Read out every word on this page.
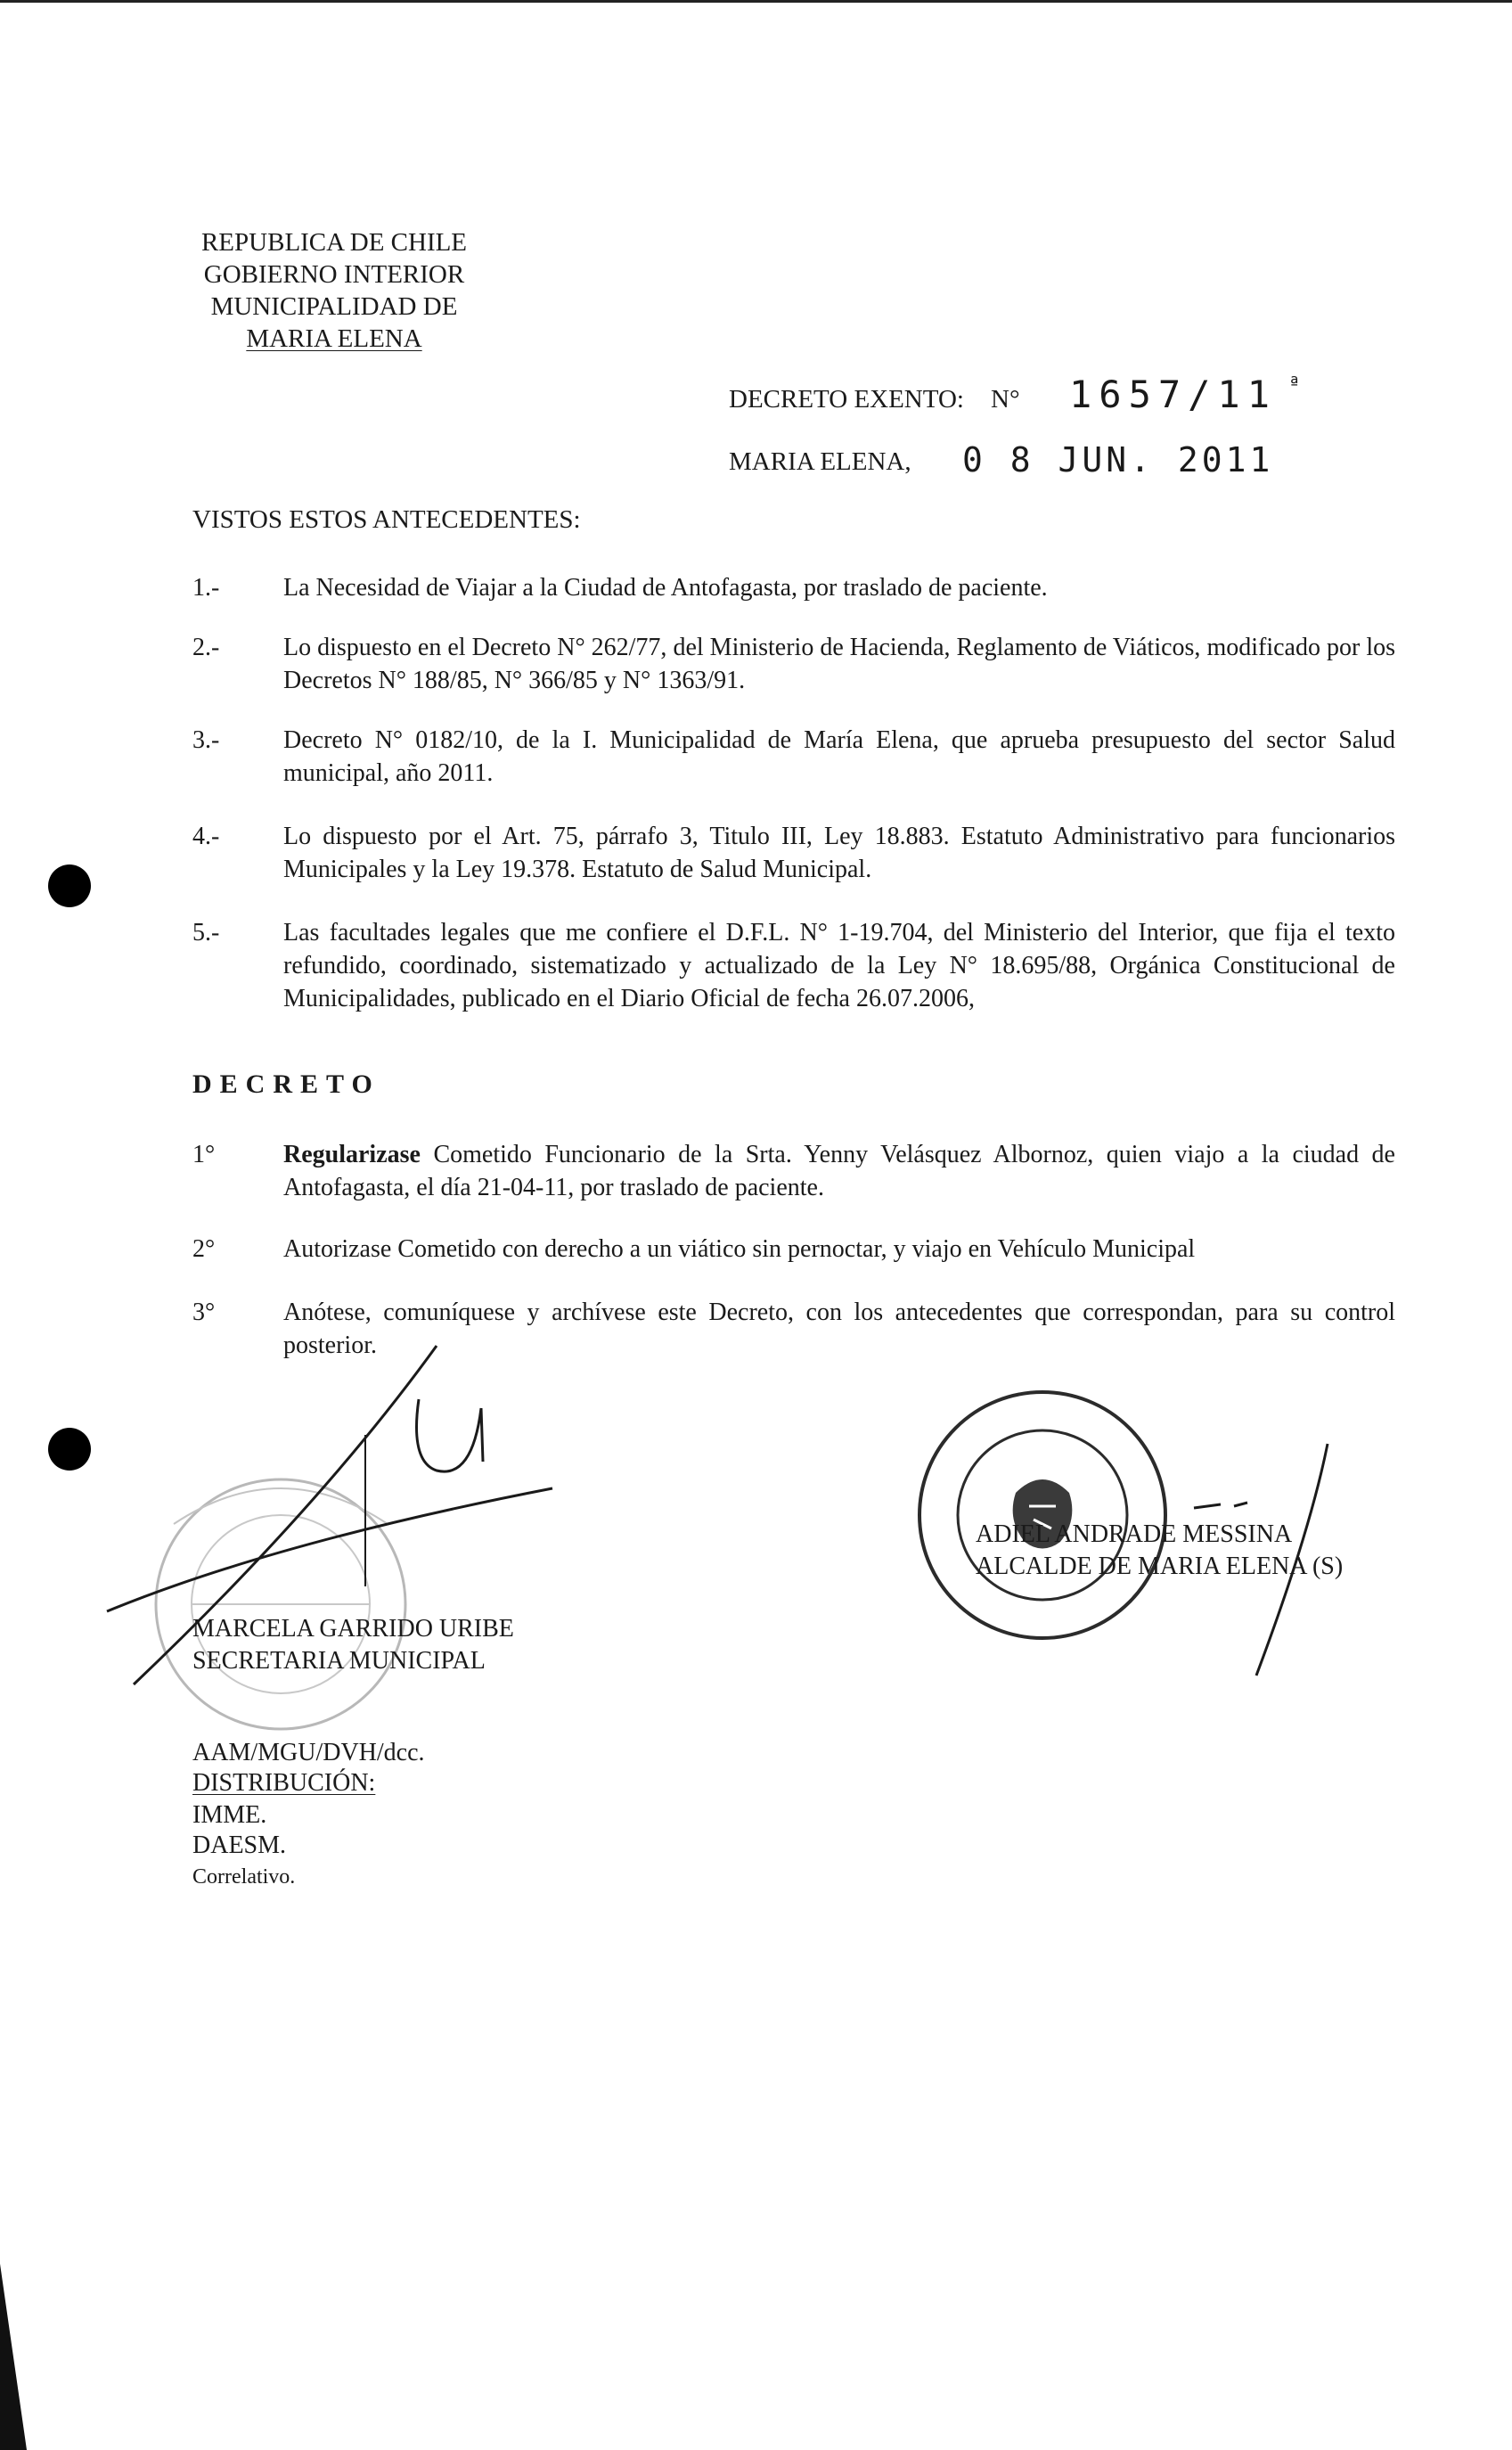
REPUBLICA DE CHILE

GOBIERNO INTERIOR

MUNICIPALIDAD DE

MARIA ELENA

DECRETO EXENTO: N° 1657/11 ª
MARIA ELENA, 0 8 JUN. 2011

VISTOS ESTOS ANTECEDENTES:

1.-	La Necesidad de Viajar a la Ciudad de Antofagasta, por traslado de paciente.

2.-	Lo dispuesto en el Decreto N° 262/77, del Ministerio de Hacienda, Reglamento de Viáticos, modificado por los Decretos N° 188/85, N° 366/85 y N° 1363/91.

3.-	Decreto N° 0182/10, de la I. Municipalidad de María Elena, que aprueba presupuesto del sector Salud municipal, año 2011.

4.-	Lo dispuesto por el Art. 75, párrafo 3, Titulo III, Ley 18.883. Estatuto Administrativo para funcionarios Municipales y la Ley 19.378. Estatuto de Salud Municipal.

5.-	Las facultades legales que me confiere el D.F.L. N° 1-19.704, del Ministerio del Interior, que fija el texto refundido, coordinado, sistematizado y actualizado de la Ley N° 18.695/88, Orgánica Constitucional de Municipalidades, publicado en el Diario Oficial de fecha 26.07.2006,

DECRETO

1°	Regularizase Cometido Funcionario de la Srta. Yenny Velásquez Albornoz, quien viajo a la ciudad de Antofagasta, el día 21-04-11, por traslado de paciente.

2°	Autorizase Cometido con derecho a un viático sin pernoctar, y viajo en Vehículo Municipal

3°	Anótese, comuníquese y archívese este Decreto, con los antecedentes que correspondan, para su control posterior.

ADIEL ANDRADE MESSINA

ALCALDE DE MARIA ELENA (S)

MARCELA GARRIDO URIBE

SECRETARIA MUNICIPAL

AAM/MGU/DVH/dcc.

DISTRIBUCIÓN:

IMME.

DAESM.

Correlativo.
